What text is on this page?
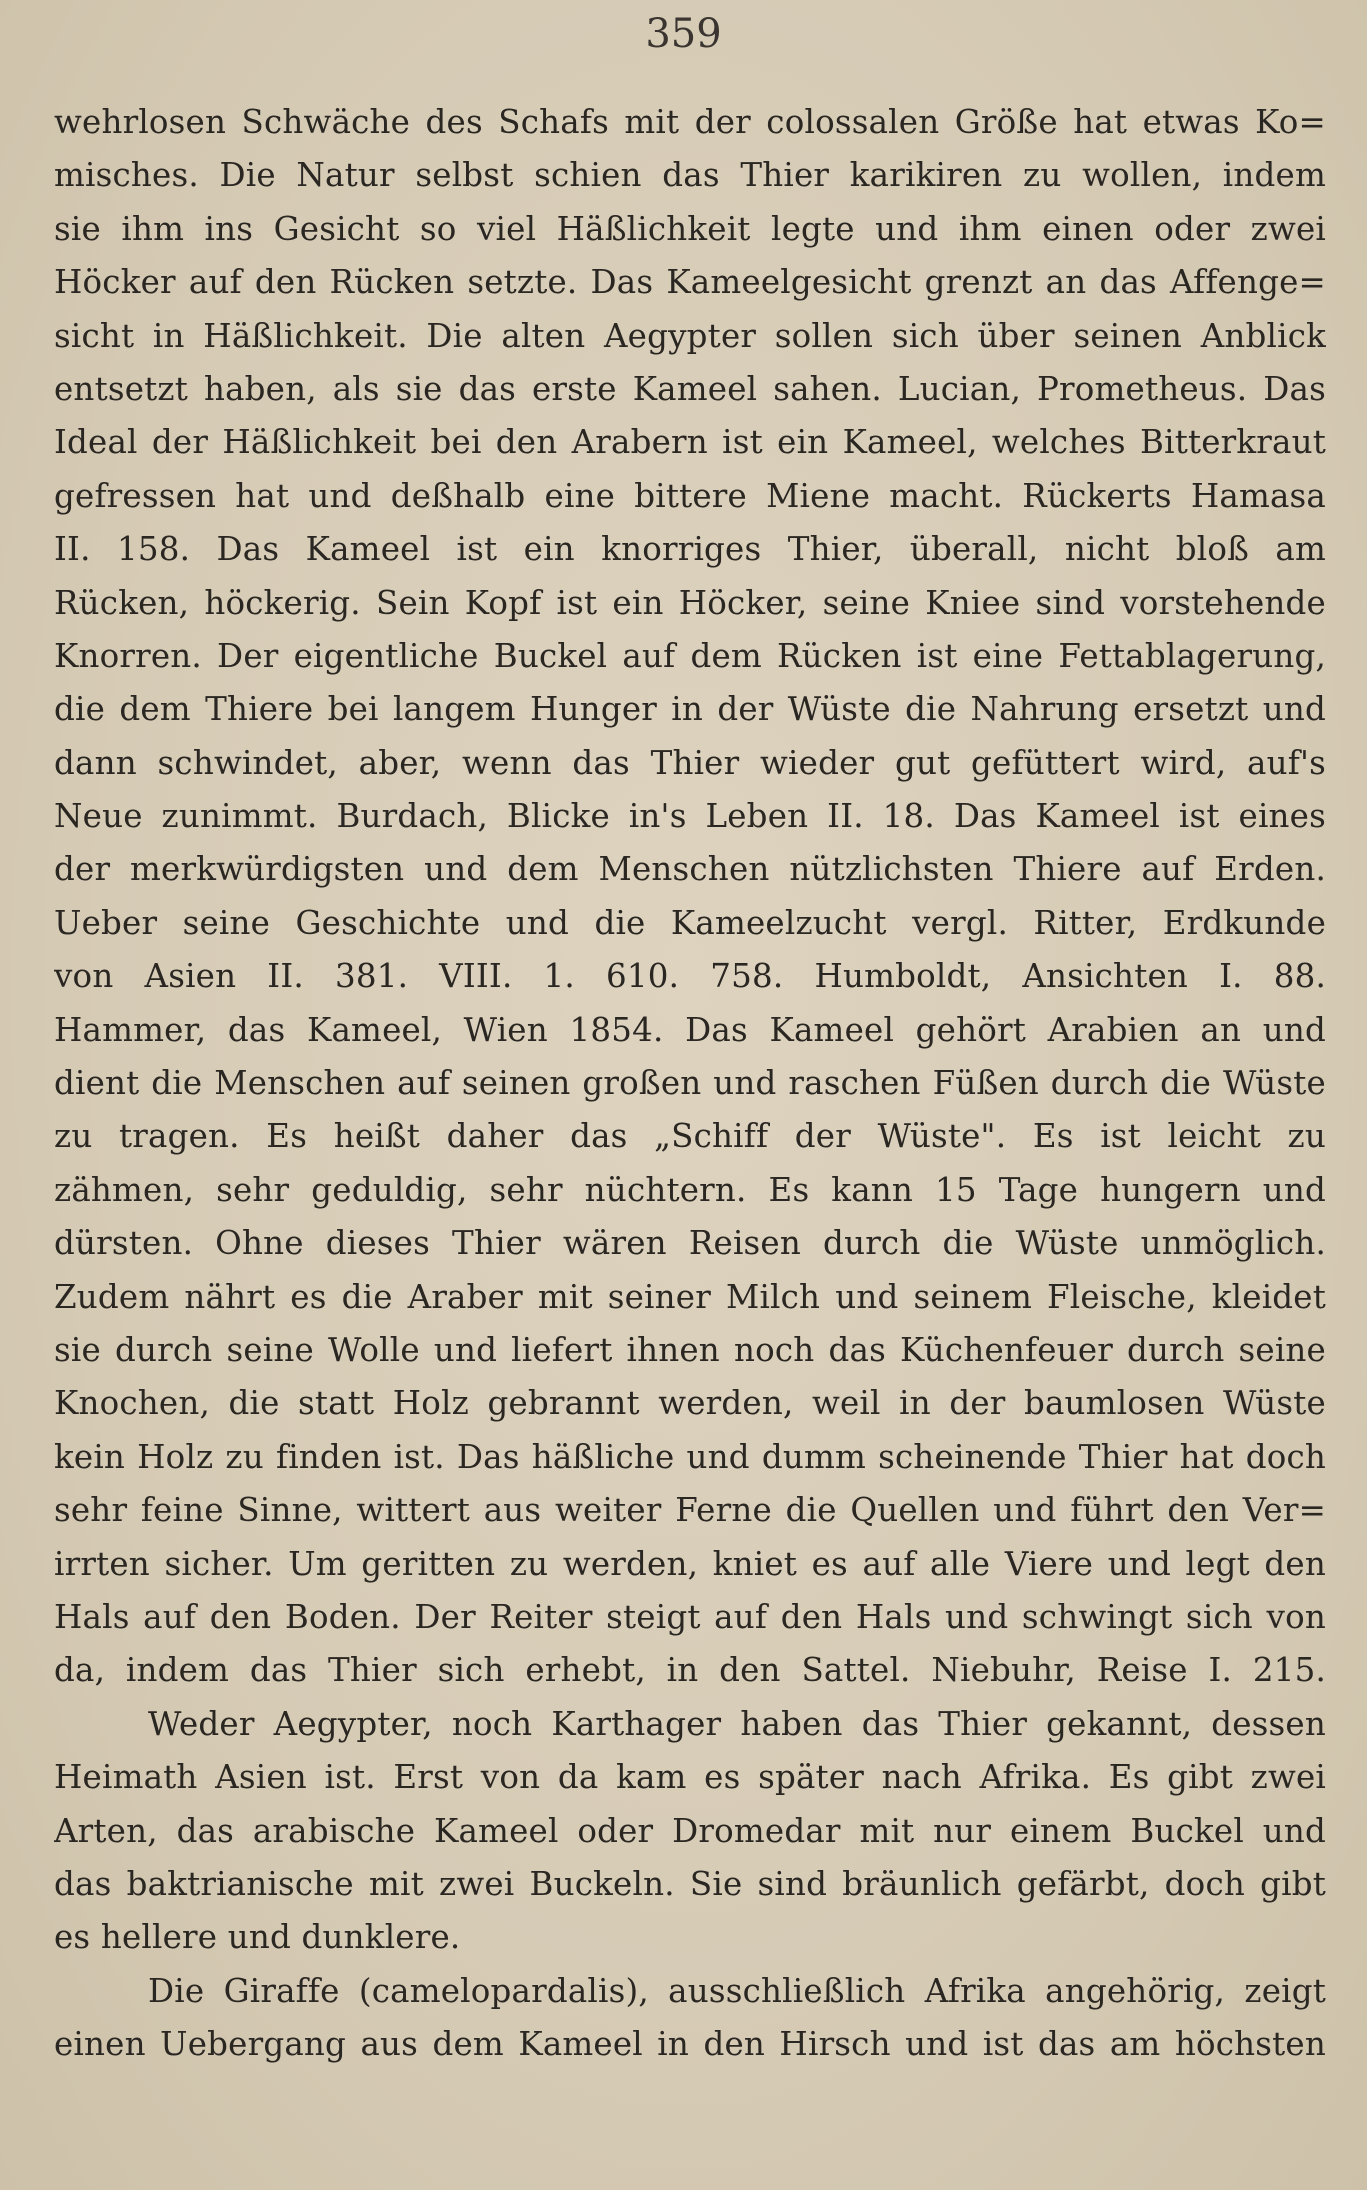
359
wehrlosen Schwäche des Schafs mit der colossalen Größe hat etwas Ko=
misches. Die Natur selbst schien das Thier karikiren zu wollen, indem
sie ihm ins Gesicht so viel Häßlichkeit legte und ihm einen oder zwei
Höcker auf den Rücken setzte. Das Kameelgesicht grenzt an das Affenge=
sicht in Häßlichkeit. Die alten Aegypter sollen sich über seinen Anblick
entsetzt haben, als sie das erste Kameel sahen. Lucian, Prometheus. Das
Ideal der Häßlichkeit bei den Arabern ist ein Kameel, welches Bitterkraut
gefressen hat und deßhalb eine bittere Miene macht. Rückerts Hamasa
II. 158. Das Kameel ist ein knorriges Thier, überall, nicht bloß am
Rücken, höckerig. Sein Kopf ist ein Höcker, seine Kniee sind vorstehende
Knorren. Der eigentliche Buckel auf dem Rücken ist eine Fettablagerung,
die dem Thiere bei langem Hunger in der Wüste die Nahrung ersetzt und
dann schwindet, aber, wenn das Thier wieder gut gefüttert wird, auf's
Neue zunimmt. Burdach, Blicke in's Leben II. 18. Das Kameel ist eines
der merkwürdigsten und dem Menschen nützlichsten Thiere auf Erden.
Ueber seine Geschichte und die Kameelzucht vergl. Ritter, Erdkunde
von Asien II. 381. VIII. 1. 610. 758. Humboldt, Ansichten I. 88.
Hammer, das Kameel, Wien 1854. Das Kameel gehört Arabien an und
dient die Menschen auf seinen großen und raschen Füßen durch die Wüste
zu tragen. Es heißt daher das „Schiff der Wüste". Es ist leicht zu
zähmen, sehr geduldig, sehr nüchtern. Es kann 15 Tage hungern und
dürsten. Ohne dieses Thier wären Reisen durch die Wüste unmöglich.
Zudem nährt es die Araber mit seiner Milch und seinem Fleische, kleidet
sie durch seine Wolle und liefert ihnen noch das Küchenfeuer durch seine
Knochen, die statt Holz gebrannt werden, weil in der baumlosen Wüste
kein Holz zu finden ist. Das häßliche und dumm scheinende Thier hat doch
sehr feine Sinne, wittert aus weiter Ferne die Quellen und führt den Ver=
irrten sicher. Um geritten zu werden, kniet es auf alle Viere und legt den
Hals auf den Boden. Der Reiter steigt auf den Hals und schwingt sich von
da, indem das Thier sich erhebt, in den Sattel. Niebuhr, Reise I. 215.
Weder Aegypter, noch Karthager haben das Thier gekannt, dessen
Heimath Asien ist. Erst von da kam es später nach Afrika. Es gibt zwei
Arten, das arabische Kameel oder Dromedar mit nur einem Buckel und
das baktrianische mit zwei Buckeln. Sie sind bräunlich gefärbt, doch gibt
es hellere und dunklere.
Die Giraffe (camelopardalis), ausschließlich Afrika angehörig, zeigt
einen Uebergang aus dem Kameel in den Hirsch und ist das am höchsten
